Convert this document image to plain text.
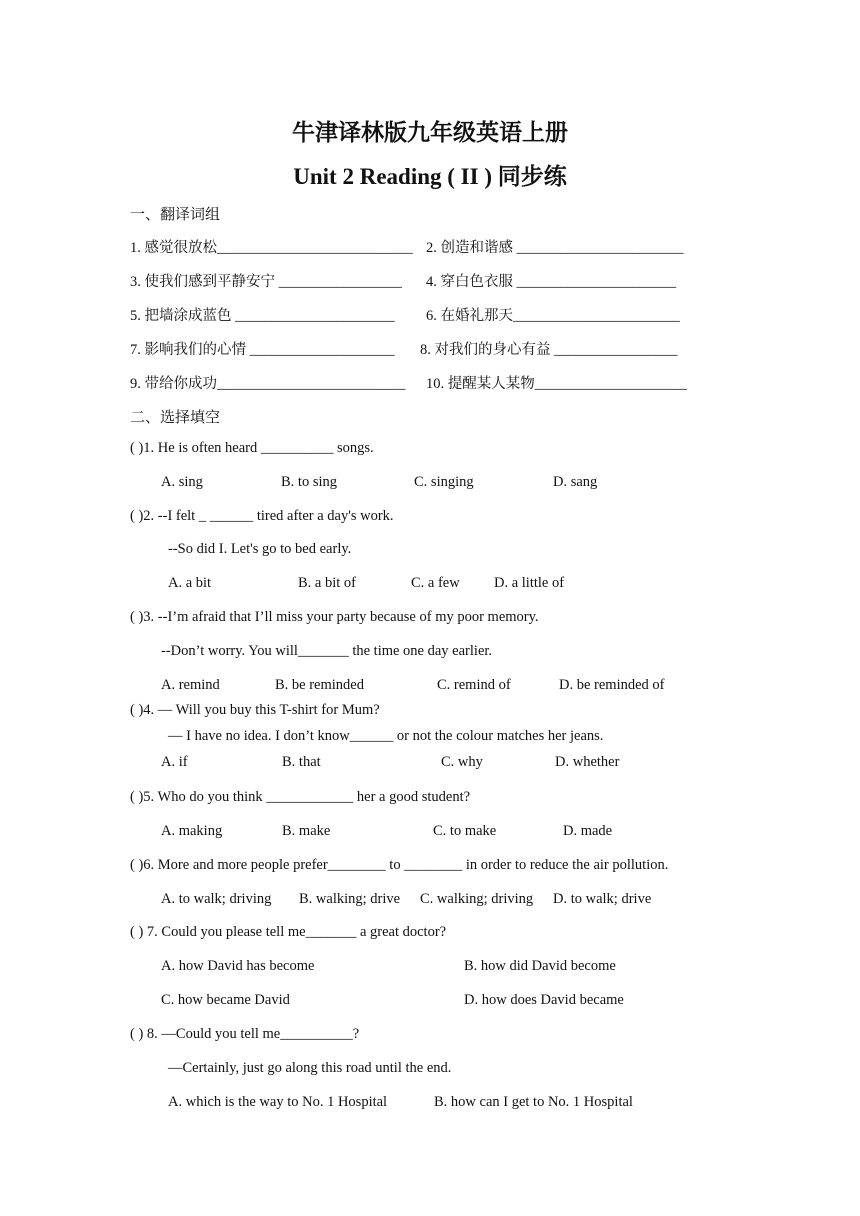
牛津译林版九年级英语上册
Unit 2 Reading ( II ) 同步练
一、翻译词组
1. 感觉很放松___________________________ 2. 创造和谐感 _______________________
3. 使我们感到平静安宁 _________________ 4. 穿白色衣服 ______________________
5. 把墙涂成蓝色 ______________________ 6. 在婚礼那天_______________________
7. 影响我们的心情 ____________________ 8. 对我们的身心有益 _________________
9. 带给你成功__________________________ 10. 提醒某人某物_____________________
二、选择填空
( )1. He is often heard __________ songs.
A. sing	B. to sing	C. singing	D. sang
( )2. --I felt _ ______ tired after a day's work.
--So did I. Let's go to bed early.
A. a bit	B. a bit of	C. a few D. a little of
( )3. --I’m afraid that I’ll miss your party because of my poor memory.
--Don’t worry. You will_______ the time one day earlier.
A. remind	B. be reminded	C. remind of	D. be reminded of
( )4. — Will you buy this T-shirt for Mum?
— I have no idea. I don’t know______ or not the colour matches her jeans.
A. if	B. that	C. why	D. whether
( )5. Who do you think ____________ her a good student?
A. making	B. make	C. to make	D. made
( )6. More and more people prefer________ to ________ in order to reduce the air pollution.
A. to walk; driving B. walking; drive C. walking; driving D. to walk; drive
( ) 7. Could you please tell me_______ a great doctor?
A. how David has become	B. how did David become
C. how became David	D. how does David became
( ) 8. —Could you tell me__________?
—Certainly, just go along this road until the end.
A. which is the way to No. 1 Hospital	B. how can I get to No. 1 Hospital
